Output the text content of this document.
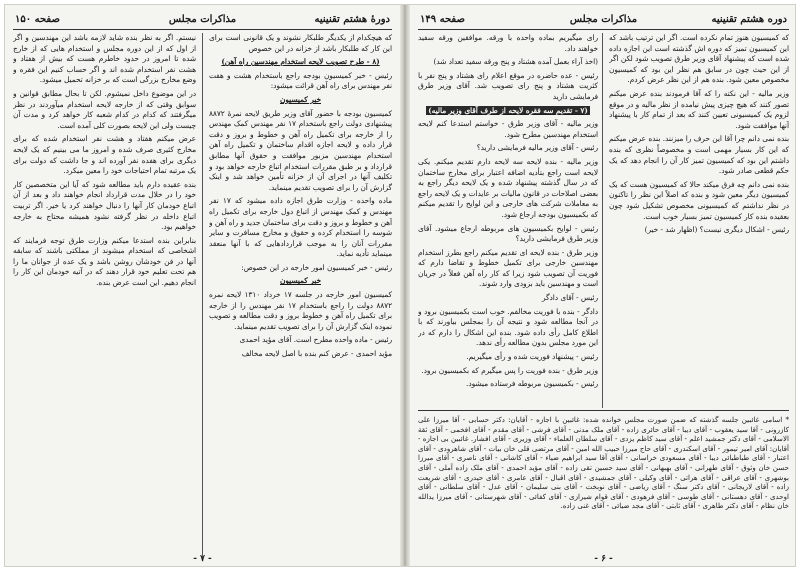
دورهٔ هشتم تقنینیه
مذاکرات مجلس
صفحه ۱۵۰

که هیچکدام از یکدیگر طلبکار نشوند و یک قانونی است برای این کار که طلبکار باشد از خزانه در این خصوص

(۸ - طرح تصویب لایحه استخدام مهندسین راه آهن)

رئیس - خبر کمیسیون بودجه راجع باستخدام هشت و هفت نفر مهندس برای راه آهن قرائت میشود:

خبر کمیسیون

کمیسیون بودجه با حضور آقای وزیر طریق لایحه نمرهٔ ۸۸۷۲ پیشنهادی دولت راجع باستخدام ۱۷ نفر مهندس کمک مهندس را از خارجه برای تکمیل راه آهن و خطوط و بروز و دقت قرار داده و لایحه اجازه اقدام ساختمان و تکمیل راه آهن استخدام مهندسین مزبور موافقت و حقوق آنها مطابق قرارداد و بر طبق مقررات استخدام اتباع خارجه خواهد بود و تکلیف آنها در اجرای آن از خزانه تأمین خواهد شد و اینک گزارش آن را برای تصویب تقدیم مینماید.

ماده واحده - وزارت طرق اجازه داده میشود که ۱۷ نفر مهندس و کمک مهندس از اتباع دول خارجه برای تکمیل راه آهن و خطوط و بروز و دقت برای ساختمان جدید و راه آهن و شوسه را استخدام کرده و حقوق و مخارج مسافرت و سایر مقررات آنان را به موجب قراردادهایی که با آنها منعقد مینماید تأدیه نماید.

رئیس - خبر کمیسیون امور خارجه در این خصوص:

خبر کمیسیون

کمیسیون امور خارجه در جلسه ۱۷ خرداد ۱۳۱۰ لایحه نمره ۸۸۷۲ دولت را راجع باستخدام ۱۷ نفر مهندس را از خارجه برای تکمیل راه آهن و خطوط بروز و دقت مطالعه و تصویب نموده اینک گزارش آن را برای تصویب تقدیم مینماید.

رئیس - ماده واحده مطرح است. آقای مؤید احمدی

مؤید احمدی - عرض کنم بنده با اصل لایحه مخالف

نیستم. اگر به نظر بنده شاید لازمه باشد این مهندسین و اگر از اول که از این دوره مجلس و استخدام هایی که از خارج شده تا امروز در حدود خاطرم هست که بیش از هفتاد و هشت نفر استخدام شده اند و اگر حساب کنیم این فقره و وضع مخارج بزرگی است که بر خزانه تحمیل میشود.

در این موضوع داخل نمیشوم. لکن تا بحال مطابق قوانین و سوابق وقتی که از خارجه لایحه استخدام میآوردند در نظر میگرفتند که کدام در کدام شعبه کار خواهد کرد و مدت آن چیست ولی این لایحه بصورت کلی آمده است.

عرض میکنم هفتاد و هشت نفر استخدام شده که برای مخارج کثیری صرف شده و امروز ما می بینیم که یک لایحه دیگری برای هفده نفر آورده اند و جا داشت که دولت برای یک مرتبه تمام احتیاجات خود را معین میکرد.

بنده عقیده دارم باید مطالعه شود که آیا این متخصصین کار خود را در خلال مدت قرارداد انجام خواهند داد و بعد از آن اتباع خودمان کار آنها را دنبال خواهند کرد یا خیر. اگر تربیت اتباع داخله در نظر گرفته نشود همیشه محتاج به خارجه خواهیم بود.

بنابراین بنده استدعا میکنم وزارت طرق توجه فرمایند که اشخاصی که استخدام میشوند از مملکتی باشند که سابقه آنها در فن خودشان روشن باشد و یک عده از جوانان ما را هم تحت تعلیم خود قرار دهند که در آتیه خودمان این کار را انجام دهیم. این است عرض بنده.

- ۷ -
دوره هشتم تقنینیه
مذاکرات مجلس
صفحه ۱۴۹

که کمیسیون هنوز تمام نکرده است. اگر این ترتیب باشد که این کمیسیون تمیز که دوره اش گذشته است این اجازه داده شده است که پیشنهاد آقای وزیر طرق تصویب شود لکن اگر از این حیث چون در سابق هم نظر این بود که کمیسیون مخصوص معین شود. بنده هم از این نظر عرض کردم.

وزیر مالیه - این نکته را که آقا فرمودند بنده عرض میکنم تصور کنند که هیچ چیزی پیش نیامده از نظر مالیه و در موقع لزوم یک کمیسیونی تعیین کنند که بعد از تمام کار با پیشنهاد آنها موافقت شود.

بنده نمی دانم چرا آقا این حرف را میزنند. بنده عرض میکنم که این کار بسیار مهمی است و مخصوصاً نظری که بنده داشتم این بود که کمیسیون تمیز کار آن را انجام دهد که یک حکم قطعی صادر شود.

بنده نمی دانم چه فرق میکند حالا که کمیسیون هست که یک کمیسیون دیگر معین شود و بنده که اصلاً این نظر را تاکنون در نظر نداشتم که کمیسیونی مخصوص تشکیل شود چون بعقیده بنده کار کمیسیون تمیز بسیار خوب است.

رئیس - اشکال دیگری نیست؟ (اظهار شد - خیر)

رای میگیریم بماده واحده با ورقه. موافقین ورقه سفید خواهند داد.

(اخذ آراء بعمل آمده هشتاد و پنج ورقه سفید تعداد شد)

رئیس - عده حاضره در موقع اعلام رای هشتاد و پنج نفر با کثریت هشتاد و پنج رای تصویب شد. آقای وزیر طرق فرمایشی دارید

(۷ - تقدیم سه فقره لایحه از طرف آقای وزیر مالیه)

وزیر مالیه - آقای وزیر طرق - خواستم استدعا کنم لایحه استخدام مهندسین مطرح شود.

رئیس - آقای وزیر مالیه فرمایشی دارید؟

وزیر مالیه - بنده لایحه سه لایحه دارم تقدیم میکنم. یکی لایحه است راجع بتأدیه اضافه اعتبار برای مخارج ساختمان که در سال گذشته پیشنهاد شده و یک لایحه دیگر راجع به بعضی اصلاحات در قانون مالیات بر عایدات و یک لایحه راجع به معاملات شرکت های خارجی و این لوایح را تقدیم میکنم که بکمیسیون بودجه ارجاع شود.

رئیس - لوایح بکمیسیون های مربوطه ارجاع میشود. آقای وزیر طرق فرمایشی دارید؟

وزیر طرق - بنده لایحه ای تقدیم میکنم راجع بطرز استخدام مهندسین خارجی برای تکمیل خطوط و تقاضا دارم که فوریت آن تصویب شود زیرا که کار راه آهن فعلاً در جریان است و مهندسین باید بزودی وارد شوند.

رئیس - آقای دادگر

دادگر - بنده با فوریت مخالفم. خوب است بکمیسیون برود و در آنجا مطالعه شود و نتیجه آن را بمجلس بیاورند که با اطلاع کامل رأی داده شود. بنده این اشکال را دارم که در این مورد مجلس بدون مطالعه رأی ندهد.

رئیس - پیشنهاد فوریت شده و رأی میگیریم.

وزیر طرق - بنده فوریت را پس میگیرم که بکمیسیون برود.

رئیس - بکمیسیون مربوطه فرستاده میشود.

* اسامی غائبین جلسه گذشته که ضمن صورت مجلس خوانده شده: غائبین با اجازه - آقایان: دکتر حسابی - آقا میرزا علی کازرونی - آقا سید یعقوب - آقای دیبا - آقای حائری زاده - آقای ملک مدنی - آقای فرشی - آقای مقدم - آقای افخمی - آقای ثقة الاسلامی - آقای دکتر جمشید اعلم - آقای سید کاظم یزدی - آقای سلطان العلماء - آقای وزیری - آقای افشار. غائبین بی اجازه - آقایان: آقای امیر تیمور - آقای اسکندری - آقای حاج میرزا حبیب الله امین - آقای مرتضی قلی خان بیات - آقای شاهرودی - آقای اعتبار - آقای طباطبائی دیبا - آقای مسعودی خراسانی - آقای آقا سید ابراهیم ضیاء - آقای کاشانی - آقای ناصری - آقای میرزا حسن خان وثوق - آقای طهرانی - آقای بهبهانی - آقای سید حسین تقی زاده - آقای مؤید احمدی - آقای ملک زاده آملی - آقای بوشهری - آقای عراقی - آقای هراتی - آقای وکیلی - آقای جمشیدی - آقای اقبال - آقای عامری - آقای حیدری - آقای شریعت زاده - آقای لاریجانی - آقای دکتر سنگ - آقای ریاضی - آقای نوبخت - آقای بنی سلیمان - آقای عدل - آقای سلطانی - آقای اوحدی - آقای دهستانی - آقای طوسی - آقای فرهودی - آقای قوام شیرازی - آقای کفائی - آقای شهرستانی - آقای میرزا یدالله خان نظام - آقای دکتر طاهری - آقای ثابتی - آقای مجد ضیائی - آقای غنی زاده.
- ۶ -
